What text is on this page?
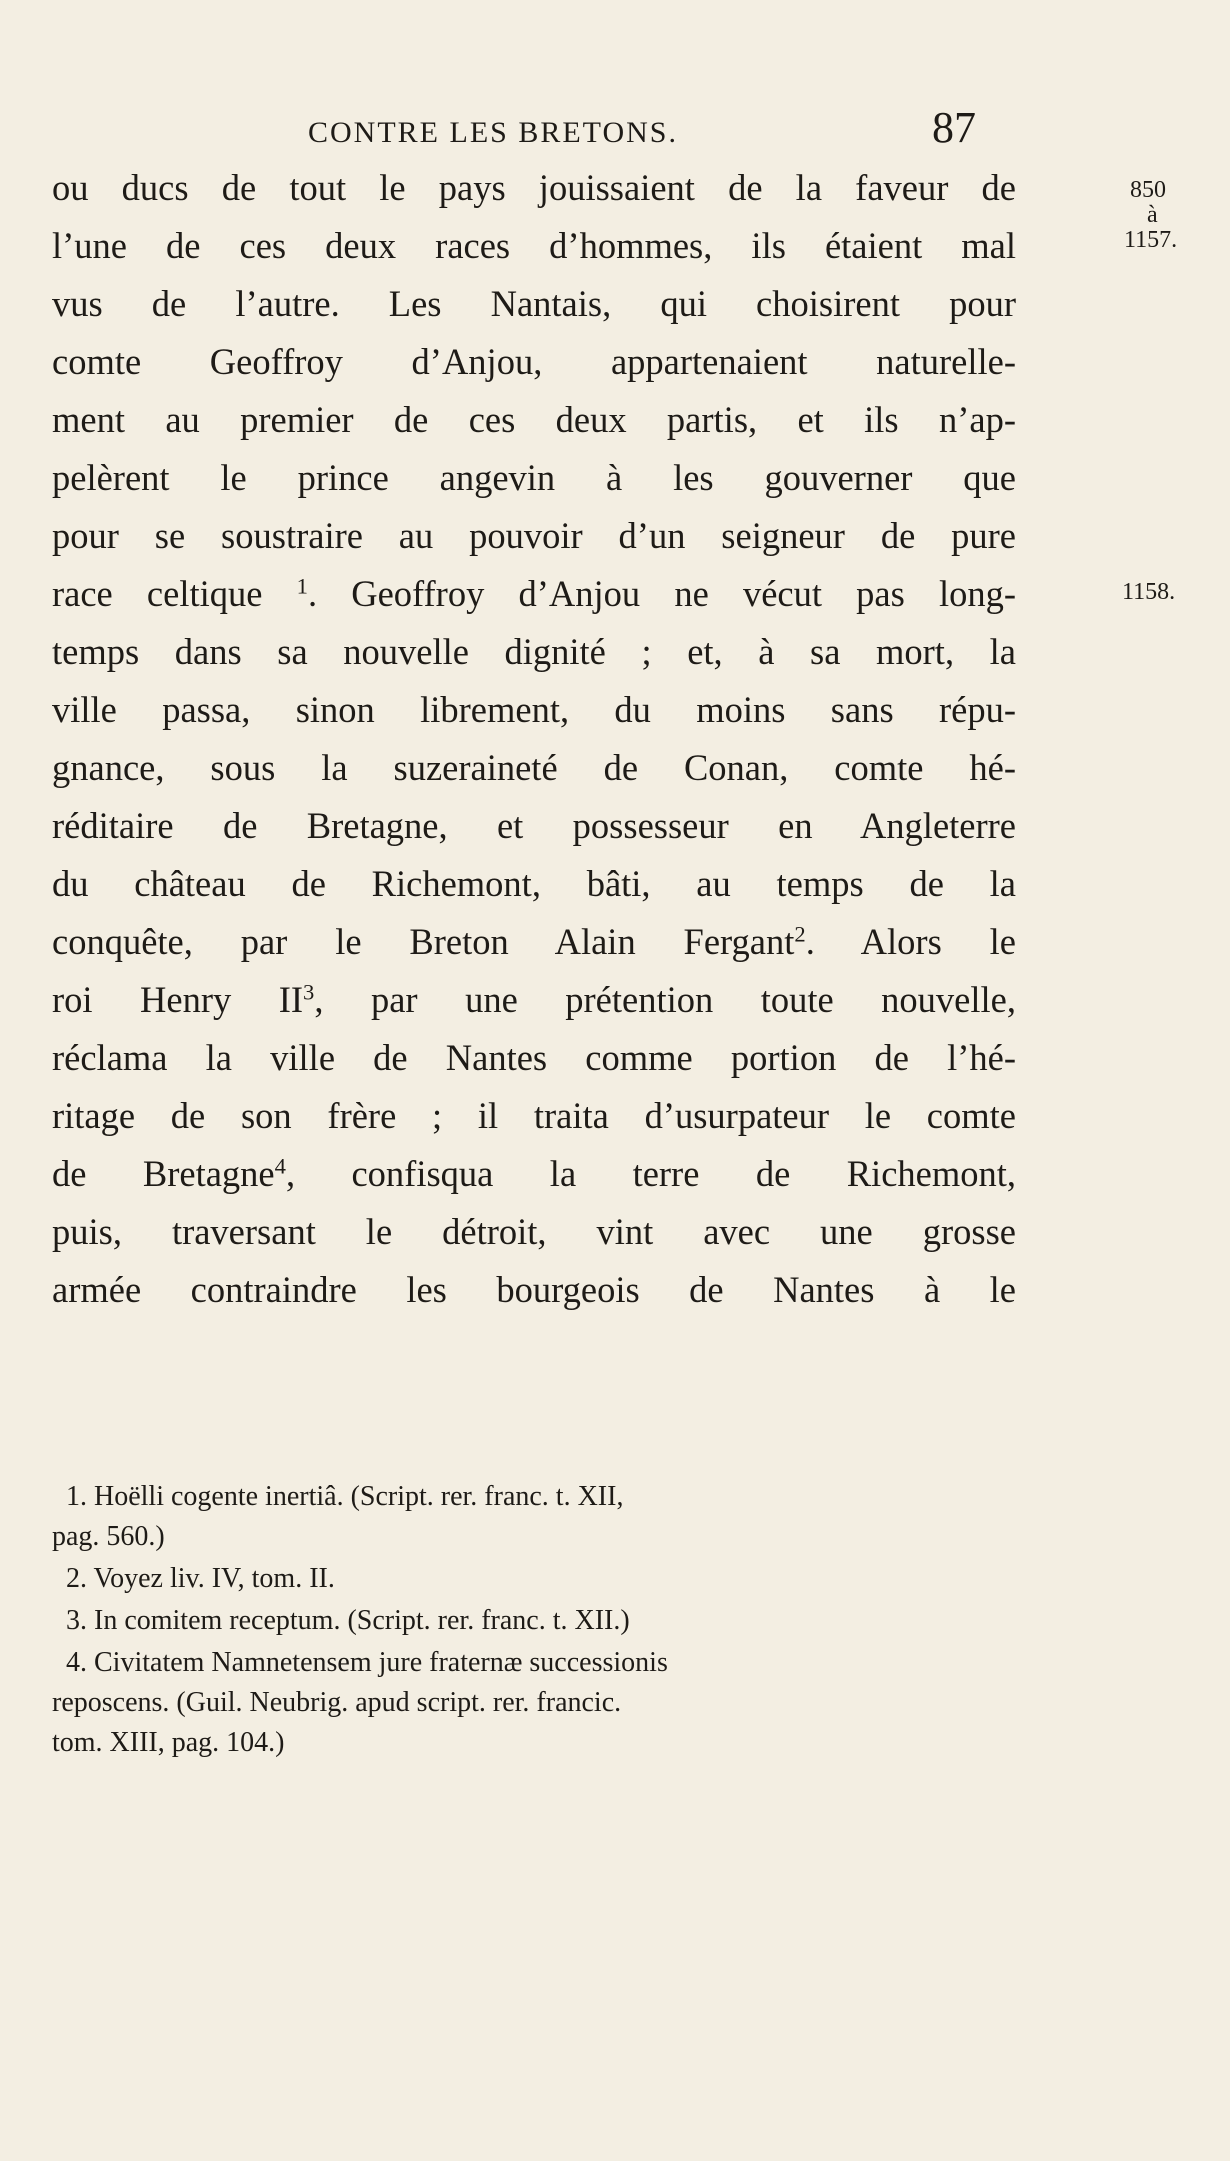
CONTRE LES BRETONS.	87
ou ducs de tout le pays jouissaient de la faveur de
l’une de ces deux races d’hommes, ils étaient mal
vus de l’autre. Les Nantais, qui choisirent pour
comte Geoffroy d’Anjou, appartenaient naturelle-
ment au premier de ces deux partis, et ils n’ap-
pelèrent le prince angevin à les gouverner que
pour se soustraire au pouvoir d’un seigneur de pure
race celtique $^1$. Geoffroy d’Anjou ne vécut pas long-
temps dans sa nouvelle dignité ; et, à sa mort, la
ville passa, sinon librement, du moins sans répu-
gnance, sous la suzeraineté de Conan, comte hé-
réditaire de Bretagne, et possesseur en Angleterre
du château de Richemont, bâti, au temps de la
conquête, par le Breton Alain Fergant$^2$. Alors le
roi Henry $II^3$, par une prétention toute nouvelle,
réclama la ville de Nantes comme portion de l’hé-
ritage de son frère ; il traita d’usurpateur le comte
de Bretagne$^4$, confisqua la terre de Richemont,
puis, traversant le détroit, vint avec une grosse
armée contraindre les bourgeois de Nantes à le
850
à
1157.
1158.
1. Hoëlli cogente inertiâ. (Script. rer. franc. t. XII,
pag. 560.)
2. Voyez liv. IV, tom. II.
3. In comitem receptum. (Script. rer. franc. t. XII.)
4. Civitatem Namnetensem jure fraternæ successionis
reposcens. (Guil. Neubrig. apud script. rer. francic.
tom. XIII, pag. 104.)
